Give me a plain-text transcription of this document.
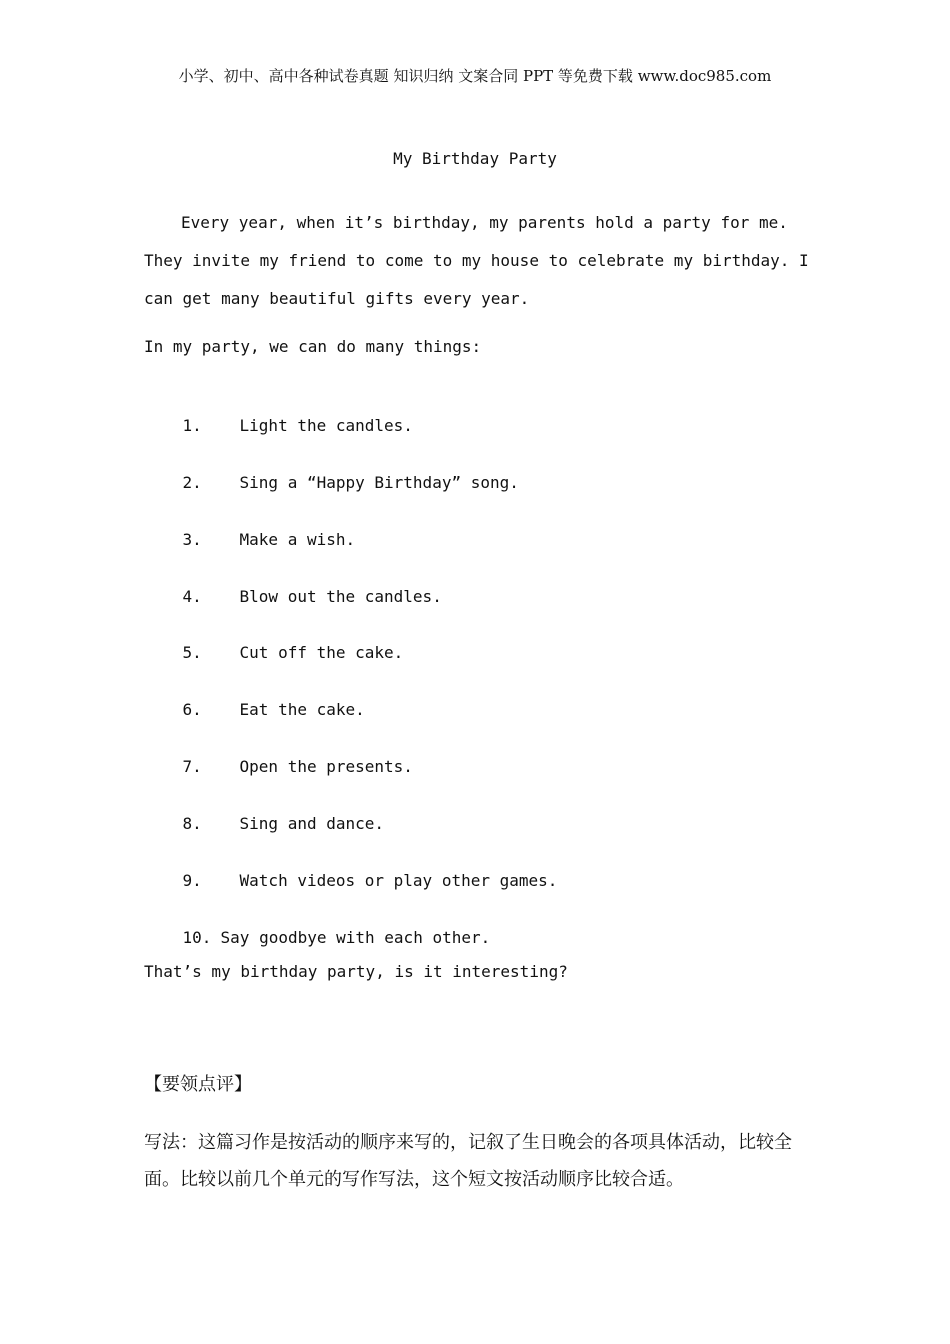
小学、初中、高中各种试卷真题 知识归纳 文案合同 PPT 等免费下载 www.doc985.com
My Birthday Party

Every year, when it’s birthday, my parents hold a party for me. They invite my friend to come to my house to celebrate my birthday. I can get many beautiful gifts every year.

In my party, we can do many things:

1. Light the candles.

2. Sing a “Happy Birthday” song.

3. Make a wish.

4. Blow out the candles.

5. Cut off the cake.

6. Eat the cake.

7. Open the presents.

8. Sing and dance.

9. Watch videos or play other games.

10. Say goodbye with each other.

That’s my birthday party, is it interesting?
【要领点评】

写法：这篇习作是按活动的顺序来写的，记叙了生日晚会的各项具体活动，比较全面。比较以前几个单元的写作写法，这个短文按活动顺序比较合适。
